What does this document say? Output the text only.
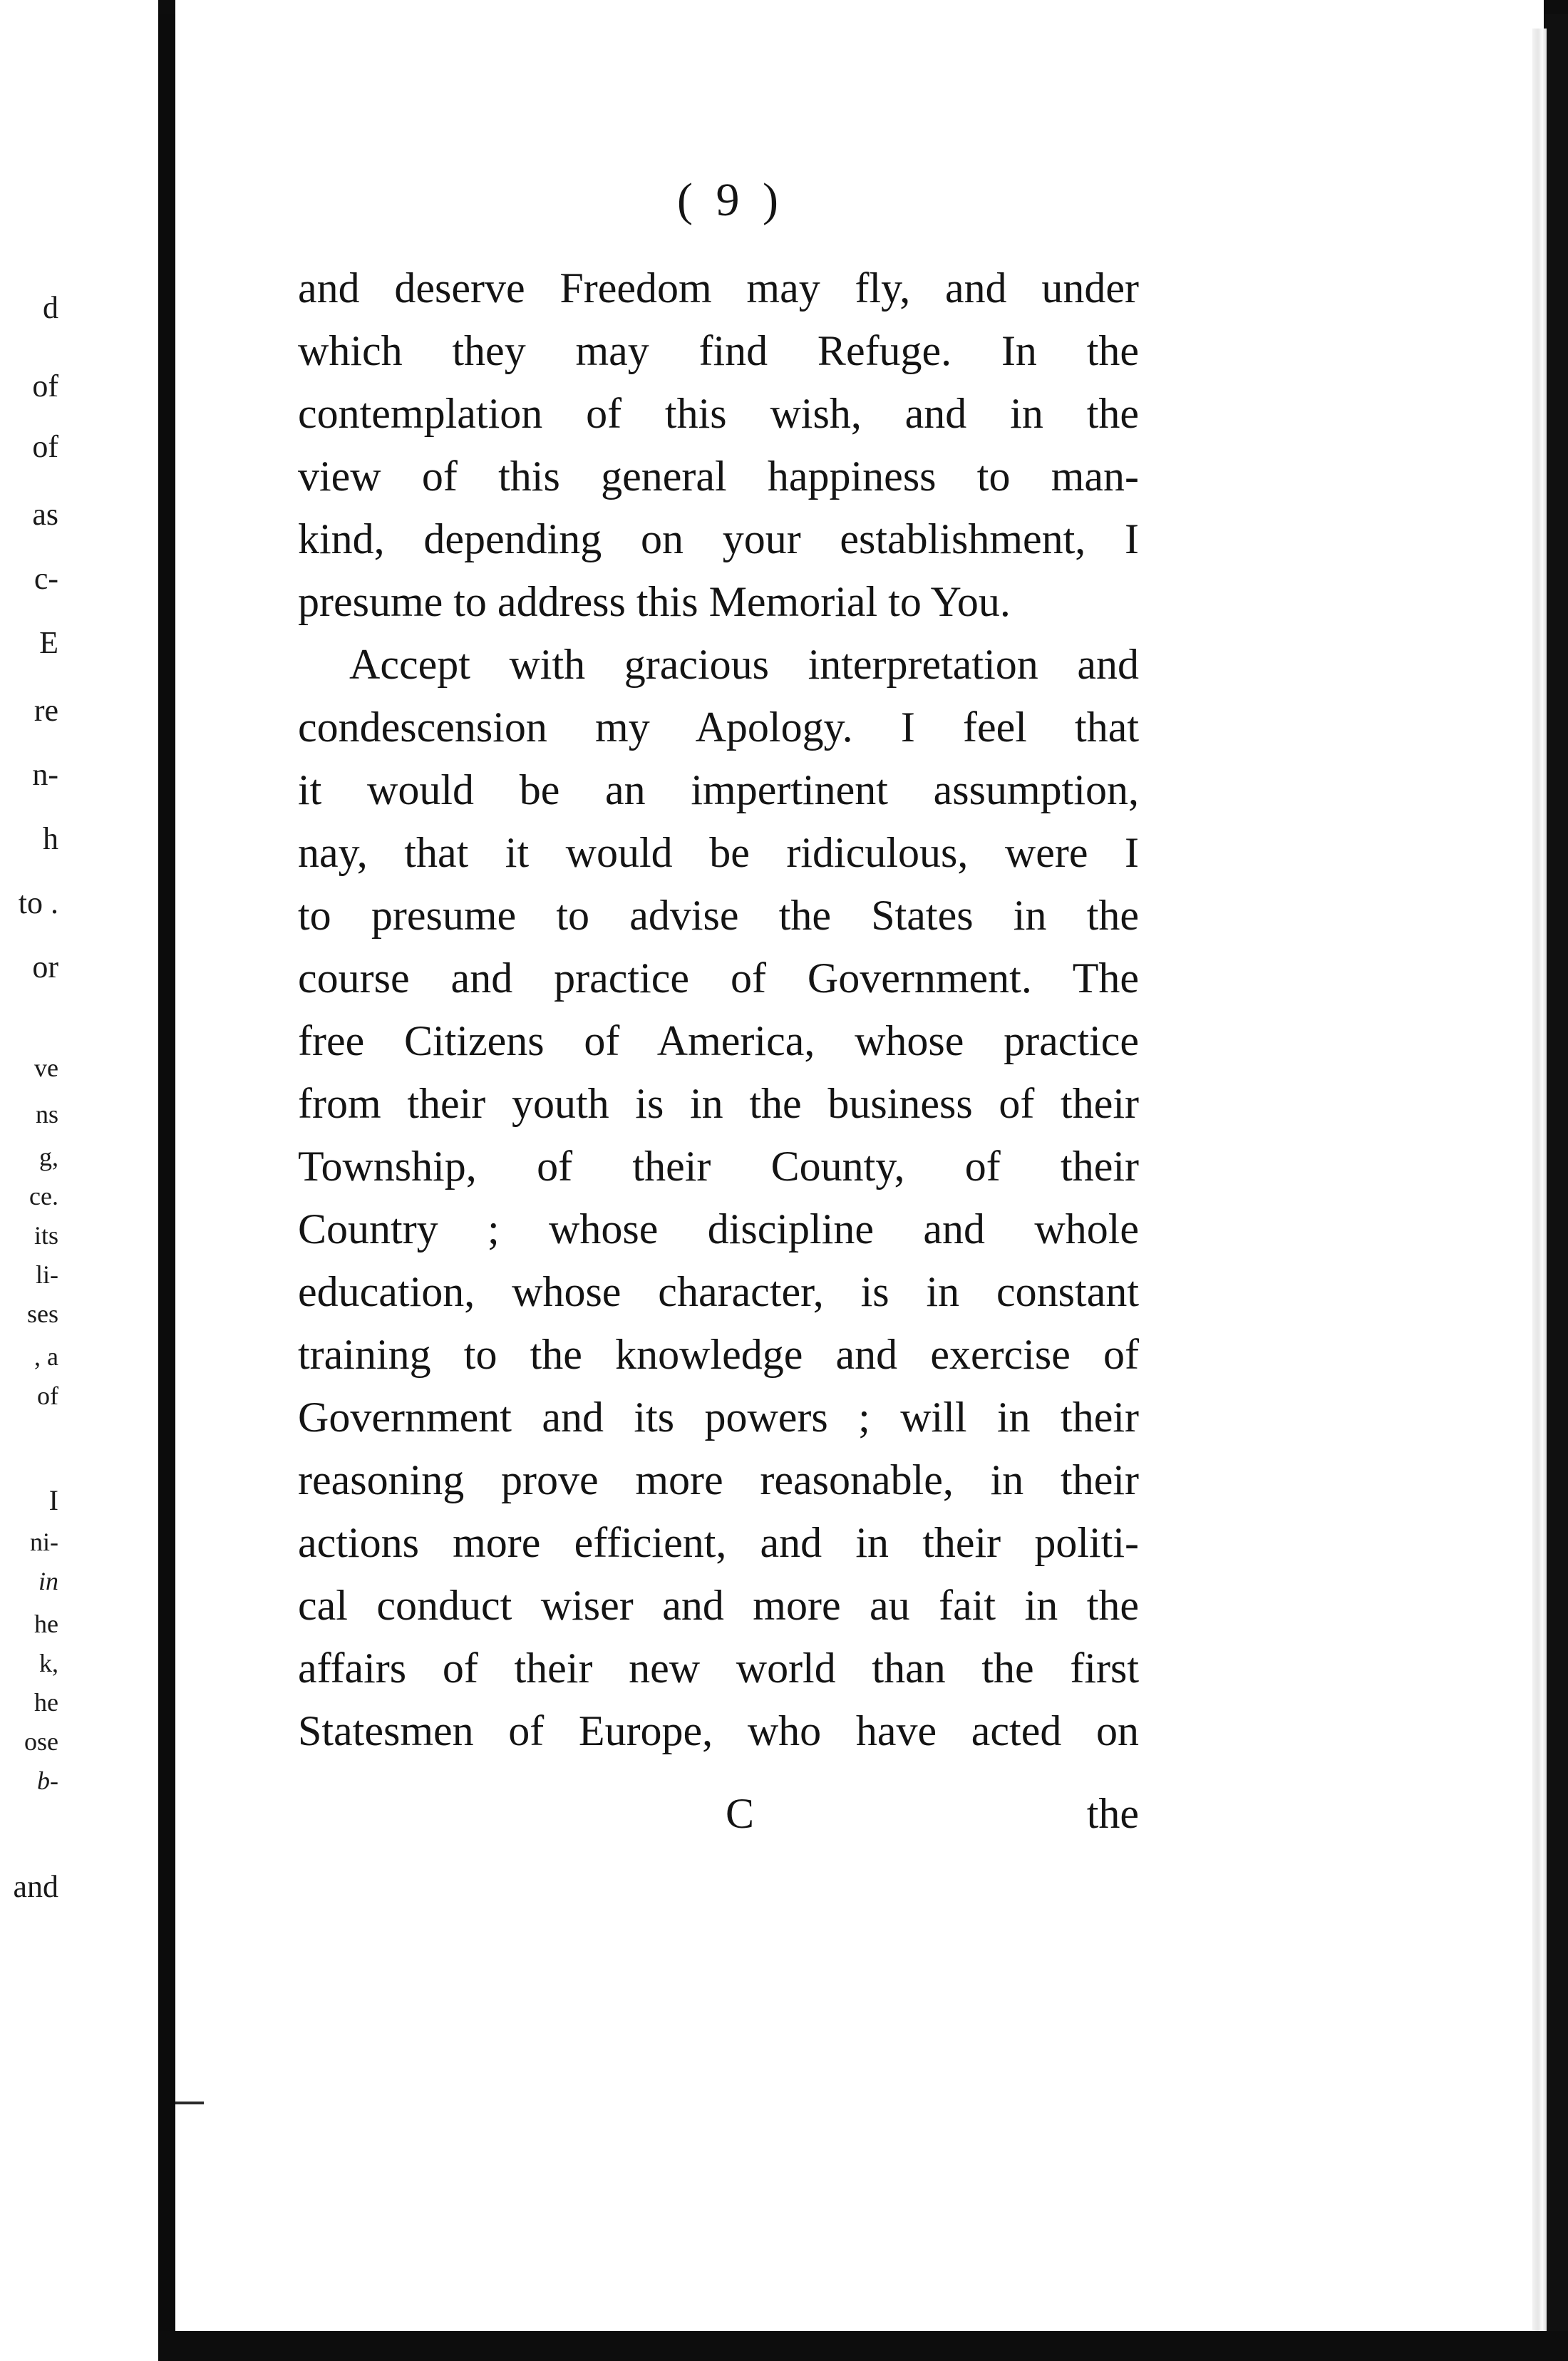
d
of
of
as
c-
E
re
n-
h
to .
or
ve
ns
g,
ce.
its
li-
ses
, a
of
I
ni-
in
he
k,
he
ose
b-
and
( 9 )
and deserve Freedom may fly, and under
which they may find Refuge. In the
contemplation of this wish, and in the
view of this general happiness to man-
kind, depending on your establishment, I
presume to address this Memorial to You.
Accept with gracious interpretation and
condescension my Apology. I feel that
it would be an impertinent assumption,
nay, that it would be ridiculous, were I
to presume to advise the States in the
course and practice of Government. The
free Citizens of America, whose practice
from their youth is in the business of their
Township, of their County, of their
Country ; whose discipline and whole
education, whose character, is in constant
training to the knowledge and exercise of
Government and its powers ; will in their
reasoning prove more reasonable, in their
actions more efficient, and in their politi-
cal conduct wiser and more au fait in the
affairs of their new world than the first
Statesmen of Europe, who have acted on
C	the
